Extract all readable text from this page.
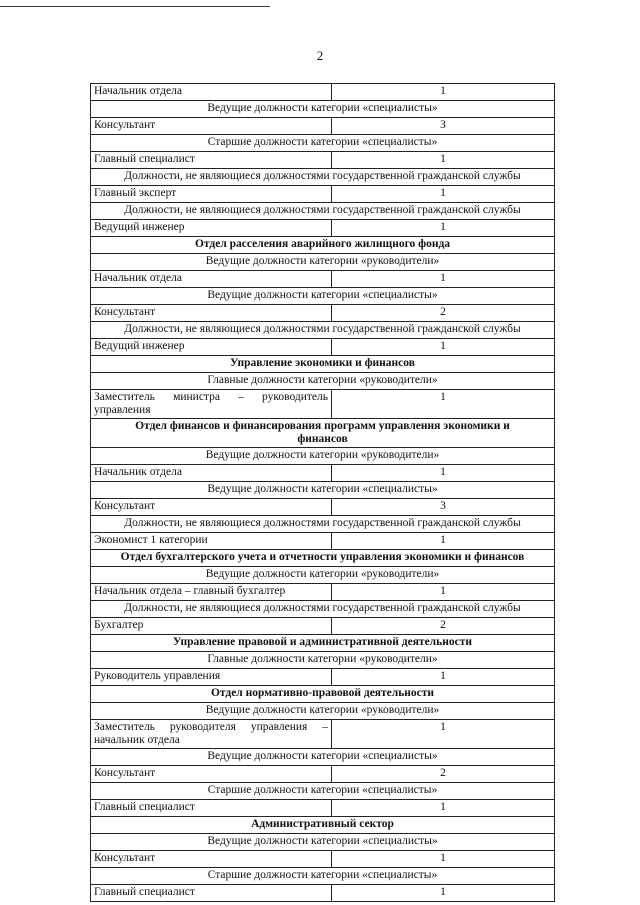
2
Начальник отдела	1
Ведущие должности категории «специалисты»	
Консультант	3
Старшие должности категории «специалисты»	
Главный специалист	1
Должности, не являющиеся должностями государственной гражданской службы	
Главный эксперт	1
Должности, не являющиеся должностями государственной гражданской службы	
Ведущий инженер	1
Отдел расселения аварийного жилищного фонда	
Ведущие должности категории «руководители»	
Начальник отдела	1
Ведущие должности категории «специалисты»	
Консультант	2
Должности, не являющиеся должностями государственной гражданской службы	
Ведущий инженер	1
Управление экономики и финансов	
Главные должности категории «руководители»	

Заместитель министра – руководитель
управления	1

Отдел финансов и финансирования программ управления экономики и
финансов	

Ведущие должности категории «руководители»	
Начальник отдела	1
Ведущие должности категории «специалисты»	
Консультант	3
Должности, не являющиеся должностями государственной гражданской службы	
Экономист 1 категории	1
Отдел бухгалтерского учета и отчетности управления экономики и финансов	
Ведущие должности категории «руководители»	
Начальник отдела – главный бухгалтер	1
Должности, не являющиеся должностями государственной гражданской службы	
Бухгалтер	2
Управление правовой и административной деятельности	
Главные должности категории «руководители»	
Руководитель управления	1
Отдел нормативно-правовой деятельности	
Ведущие должности категории «руководители»	

Заместитель руководителя управления –
начальник отдела	1
Ведущие должности категории «специалисты»	
Консультант	2
Старшие должности категории «специалисты»	
Главный специалист	1
Административный сектор	
Ведущие должности категории «специалисты»	
Консультант	1
Старшие должности категории «специалисты»	
Главный специалист	1
